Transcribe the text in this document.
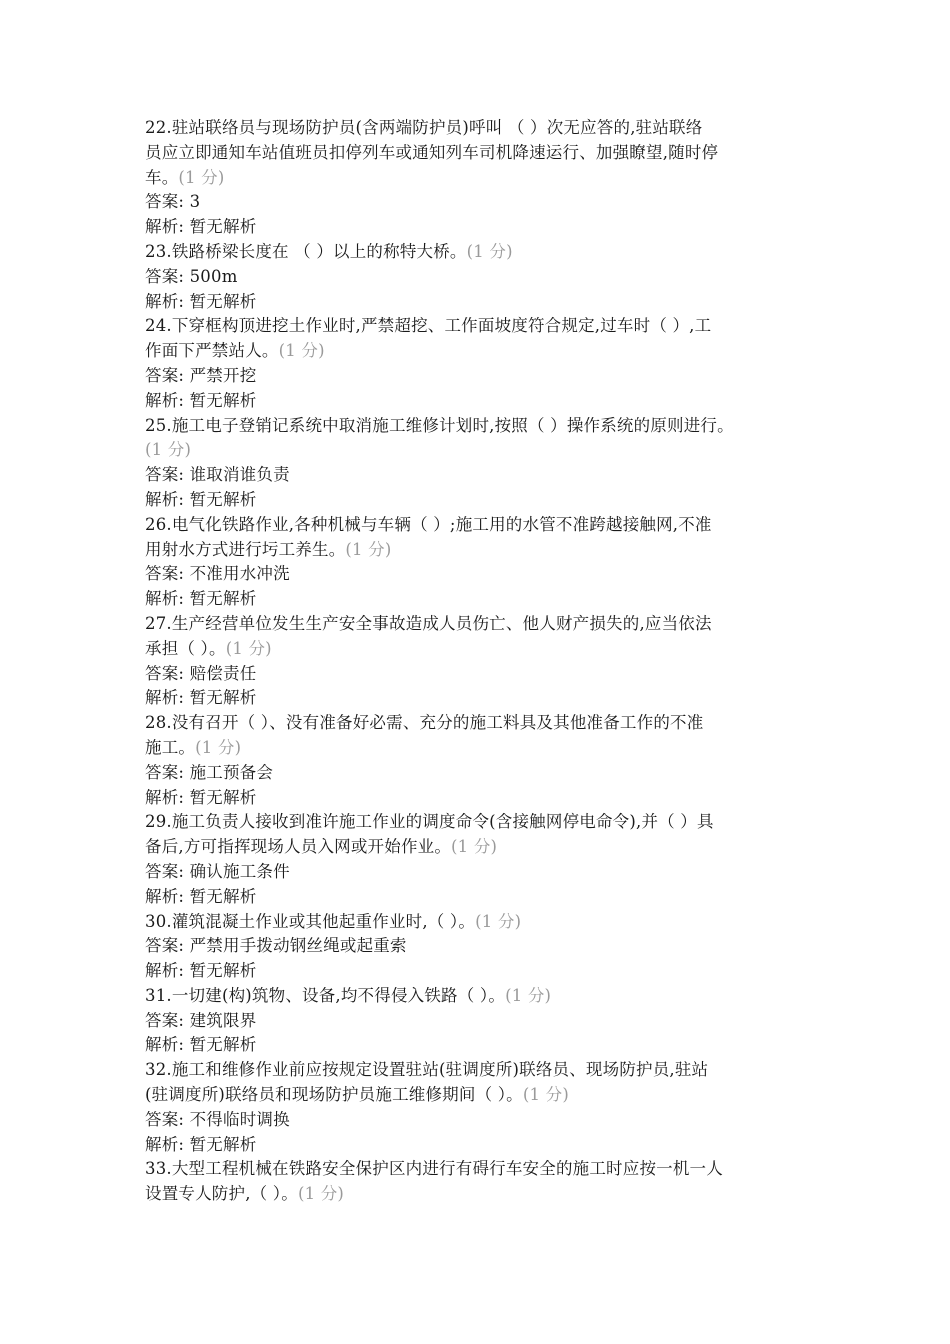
22.驻站联络员与现场防护员(含两端防护员)呼叫 （ ）次无应答的,驻站联络
员应立即通知车站值班员扣停列车或通知列车司机降速运行、加强瞭望,随时停
车。(1 分)
答案: 3
解析: 暂无解析
23.铁路桥梁长度在 （ ）以上的称特大桥。(1 分)
答案: 500m
解析: 暂无解析
24.下穿框构顶进挖土作业时,严禁超挖、工作面坡度符合规定,过车时（ ）,工
作面下严禁站人。(1 分)
答案: 严禁开挖
解析: 暂无解析
25.施工电子登销记系统中取消施工维修计划时,按照（ ）操作系统的原则进行。
(1 分)
答案: 谁取消谁负责
解析: 暂无解析
26.电气化铁路作业,各种机械与车辆（ ）;施工用的水管不准跨越接触网,不准
用射水方式进行圬工养生。(1 分)
答案: 不准用水冲洗
解析: 暂无解析
27.生产经营单位发生生产安全事故造成人员伤亡、他人财产损失的,应当依法
承担（ ）。(1 分)
答案: 赔偿责任
解析: 暂无解析
28.没有召开（ ）、没有准备好必需、充分的施工料具及其他准备工作的不准
施工。(1 分)
答案: 施工预备会
解析: 暂无解析
29.施工负责人接收到准许施工作业的调度命令(含接触网停电命令),并（ ）具
备后,方可指挥现场人员入网或开始作业。(1 分)
答案: 确认施工条件
解析: 暂无解析
30.灌筑混凝土作业或其他起重作业时,（ ）。(1 分)
答案: 严禁用手拨动钢丝绳或起重索
解析: 暂无解析
31.一切建(构)筑物、设备,均不得侵入铁路（ ）。(1 分)
答案: 建筑限界
解析: 暂无解析
32.施工和维修作业前应按规定设置驻站(驻调度所)联络员、现场防护员,驻站
(驻调度所)联络员和现场防护员施工维修期间（ ）。(1 分)
答案: 不得临时调换
解析: 暂无解析
33.大型工程机械在铁路安全保护区内进行有碍行车安全的施工时应按一机一人
设置专人防护,（ ）。(1 分)
